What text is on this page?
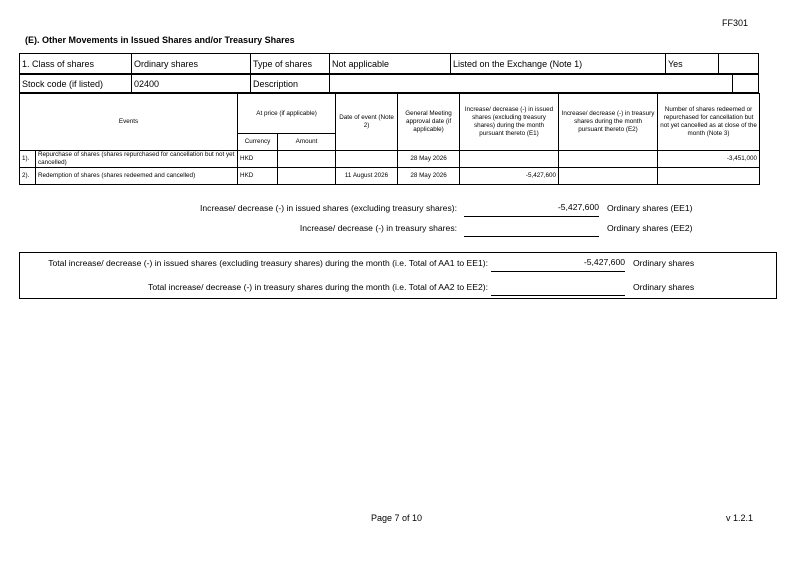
FF301
(E). Other Movements in Issued Shares and/or Treasury Shares
1. Class of shares	Ordinary shares	Type of shares	Not applicable	Listed on the Exchange (Note 1)	Yes	
Stock code (if listed)	02400	Description		
Events		At price (if applicable)		Date of event (Note 2)	General Meeting approval date (if applicable)	Increase/ decrease (-) in issued shares (excluding treasury shares) during the month pursuant thereto (E1)	Increase/ decrease (-) in treasury shares during the month pursuant thereto (E2)	Number of shares redeemed or repurchased for cancellation but not yet cancelled as at close of the month (Note 3)
		Currency	Amount					
1).	Repurchase of shares (shares repurchased for cancellation but not yet cancelled)	HKD			28 May 2026			-3,451,000
2).	Redemption of shares (shares redeemed and cancelled)	HKD		11 August 2026	28 May 2026	-5,427,600		
Increase/ decrease (-) in issued shares (excluding treasury shares):	-5,427,600 Ordinary shares (EE1)
Increase/ decrease (-) in treasury shares:	Ordinary shares (EE2)
Total increase/ decrease (-) in issued shares (excluding treasury shares) during the month (i.e. Total of AA1 to EE1):	-5,427,600 Ordinary shares
Total increase/ decrease (-) in treasury shares during the month (i.e. Total of AA2 to EE2):	Ordinary shares
Page 7 of 10	v 1.2.1
